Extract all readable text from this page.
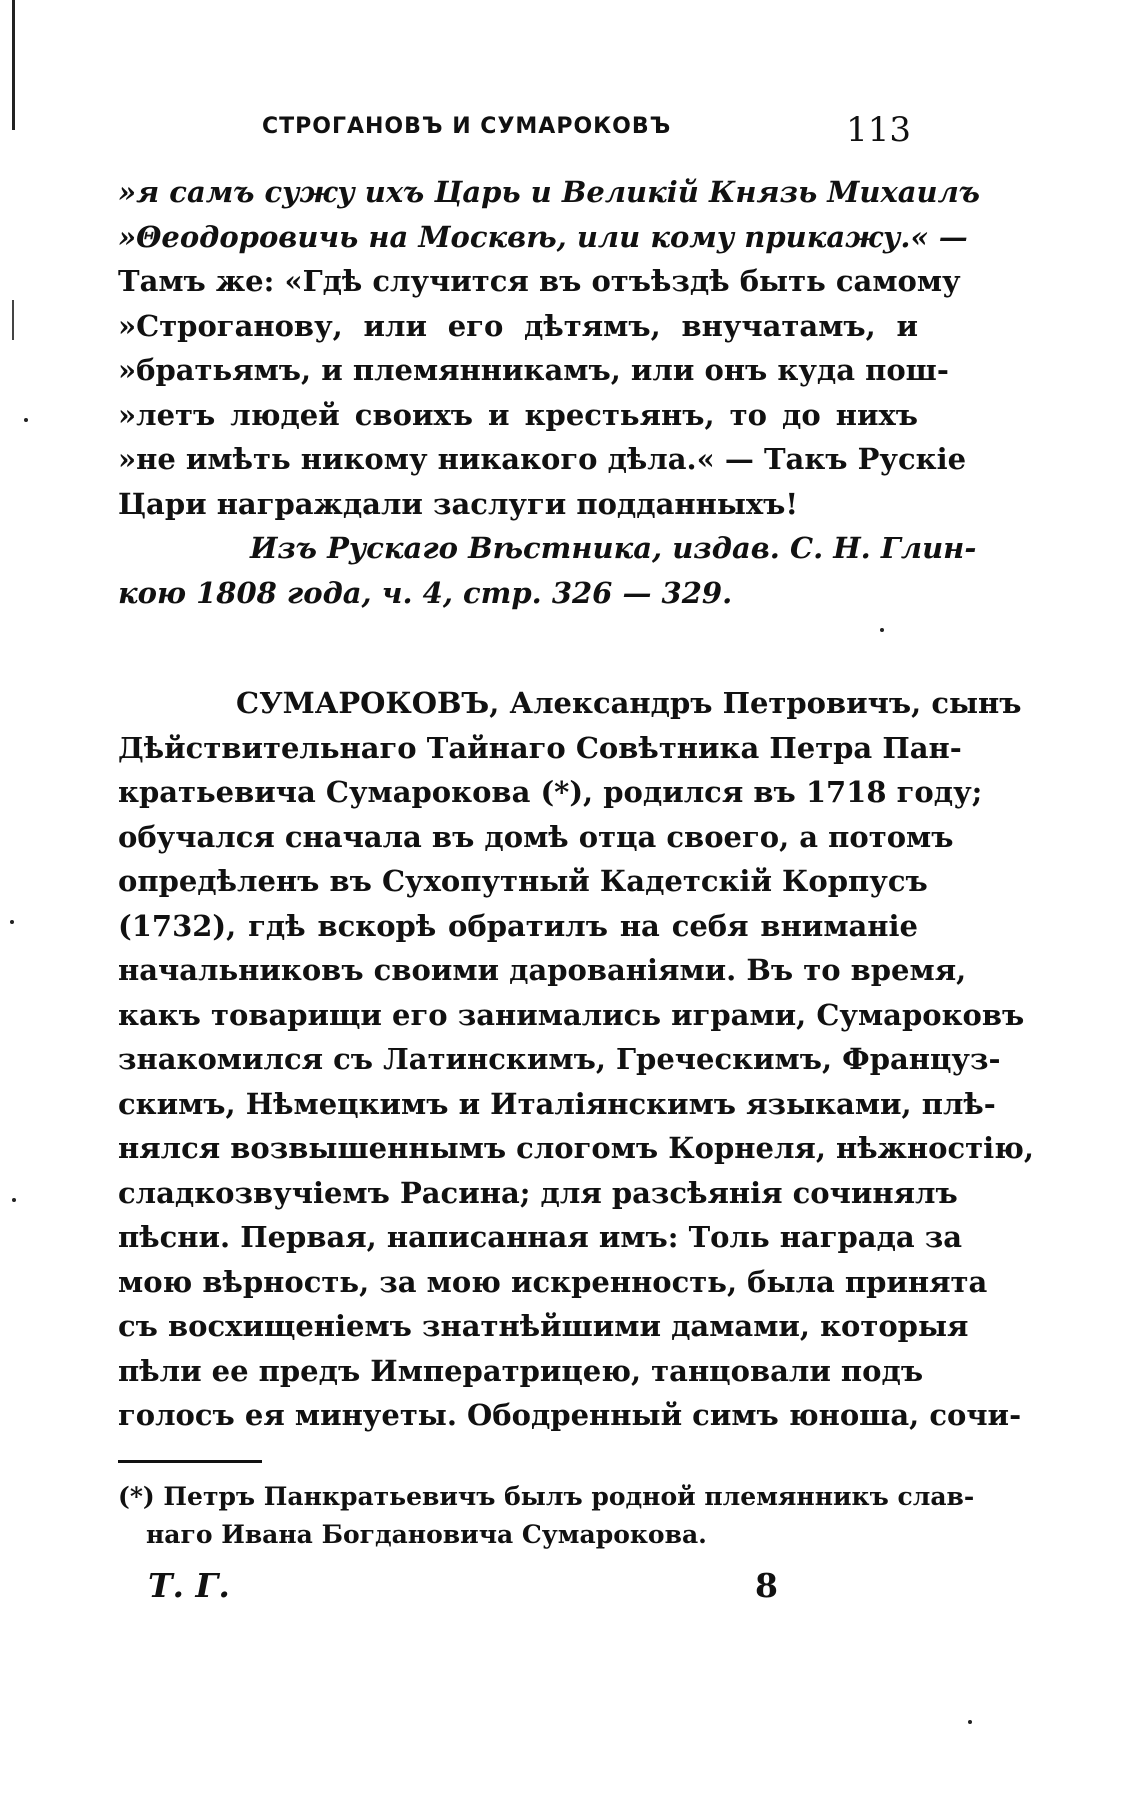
СТРОГАНОВЪ И СУМАРОКОВЪ	113
»я самъ сужу ихъ Царь и Великій Князь Михаилъ
»Θеодоровичь на Москвѣ, или кому прикажу.« —
Тамъ же: «Гдѣ случится въ отъѣздѣ быть самому
»Строганову, или его дѣтямъ, внучатамъ, и
»братьямъ, и племянникамъ, или онъ куда пош-
»летъ людей своихъ и крестьянъ, то до нихъ
»не имѣть никому никакого дѣла.« — Такъ Рускіе
Цари награждали заслуги подданныхъ!
Изъ Рускаго Вѣстника, издав. С. Н. Глин-
кою 1808 года, ч. 4, стр. 326 — 329.
СУМАРОКОВЪ, Александръ Петровичъ, сынъ
Дѣйствительнаго Тайнаго Совѣтника Петра Пан-
кратьевича Сумарокова (*), родился въ 1718 году;
обучался сначала въ домѣ отца своего, а потомъ
опредѣленъ въ Сухопутный Кадетскій Корпусъ
(1732), гдѣ вскорѣ обратилъ на себя вниманіе
начальниковъ своими дарованіями. Въ то время,
какъ товарищи его занимались играми, Сумароковъ
знакомился съ Латинскимъ, Греческимъ, Француз-
скимъ, Нѣмецкимъ и Италіянскимъ языками, плѣ-
нялся возвышеннымъ слогомъ Корнеля, нѣжностію,
сладкозвучіемъ Расина; для разсѣянія сочинялъ
пѣсни. Первая, написанная имъ: Толь награда за
мою вѣрность, за мою искренность, была принята
съ восхищеніемъ знатнѣйшими дамами, которыя
пѣли ее предъ Императрицею, танцовали подъ
голосъ ея минуеты. Ободренный симъ юноша, сочи-
(*) Петръ Панкратьевичъ былъ родной племянникъ слав-
наго Ивана Богдановича Сумарокова.
Т. Г.	8
